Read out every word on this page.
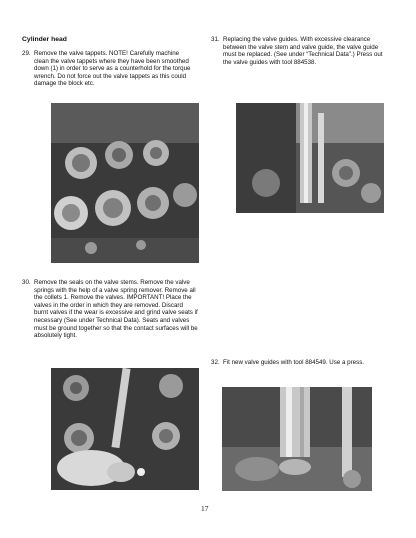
Cylinder head
29. Remove the valve tappets. NOTE! Carefully machine clean the valve tappets where they have been smoothed down (1) in order to serve as a counterhold for the torque wrench. Do not force out the valve tappets as this could damage the block etc.
31. Replacing the valve guides. With excessive clearance between the valve stem and valve guide, the valve guide must be replaced. (See under “Technical Data”.) Press out the valve guides with tool 884538.
30. Remove the seals on the valve stems. Remove the valve springs with the help of a valve spring remover. Remove all the collets 1. Remove the valves. IMPORTANT! Place the valves in the order in which they are removed. Discard burnt valves if the wear is excessive and grind valve seats if necessary (See under Technical Data). Seats and valves must be ground together so that the contact surfaces will be absolutely tight.
32. Fit new valve guides with tool 884549. Use a press.
17
